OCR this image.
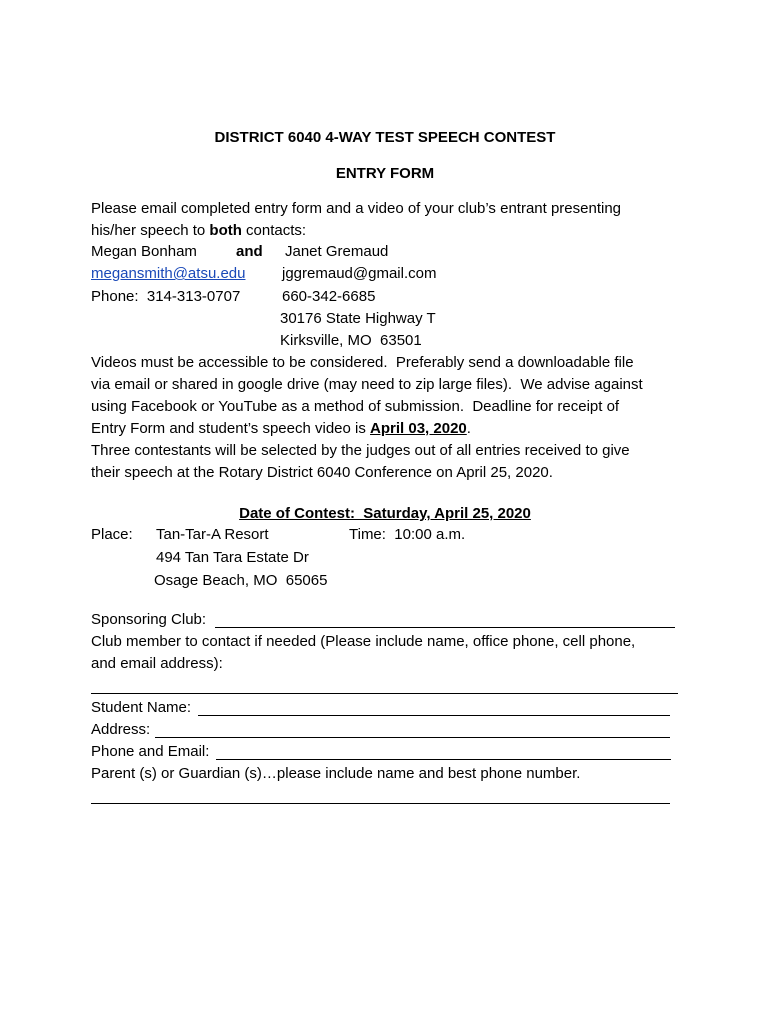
DISTRICT 6040 4-WAY TEST SPEECH CONTEST
ENTRY FORM
Please email completed entry form and a video of your club’s entrant presenting
his/her speech to both contacts:
Megan Bonham	and Janet Gremaud
megansmith@atsu.edu	jggremaud@gmail.com
Phone:  314-313-0707	660-342-6685
30176 State Highway T
Kirksville, MO  63501
Videos must be accessible to be considered.  Preferably send a downloadable file
via email or shared in google drive (may need to zip large files).  We advise against
using Facebook or YouTube as a method of submission.  Deadline for receipt of
Entry Form and student’s speech video is April 03, 2020.
Three contestants will be selected by the judges out of all entries received to give
their speech at the Rotary District 6040 Conference on April 25, 2020.
Date of Contest:  Saturday, April 25, 2020
Place: Tan-Tar-A Resort	Time:  10:00 a.m.
494 Tan Tara Estate Dr
Osage Beach, MO  65065
Sponsoring Club:
Club member to contact if needed (Please include name, office phone, cell phone,
and email address):
Student Name:
Address:
Phone and Email:
Parent (s) or Guardian (s)…please include name and best phone number.
